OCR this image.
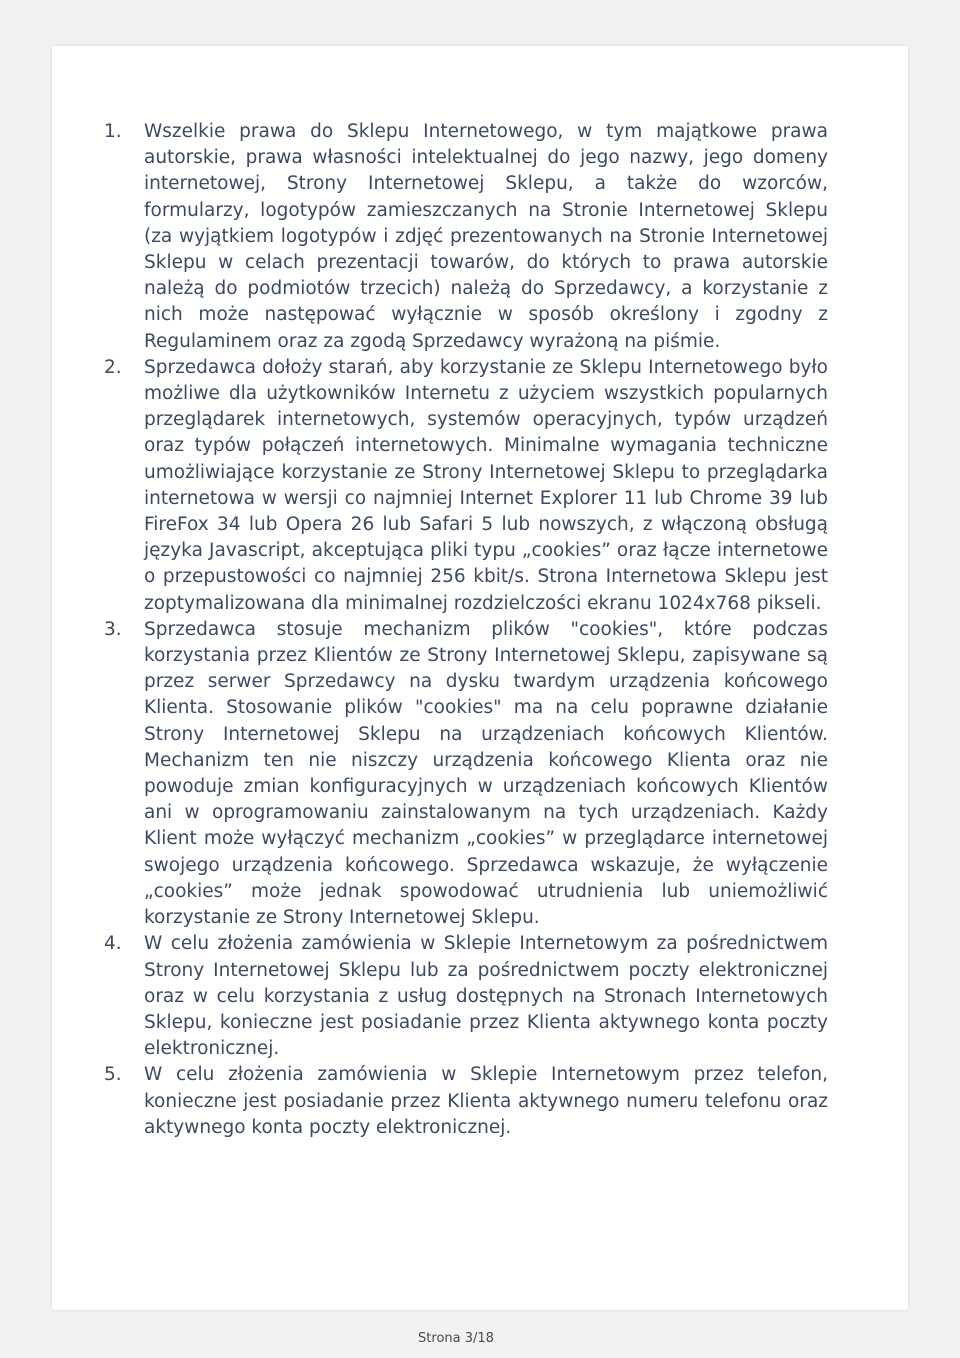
1.	Wszelkie prawa do Sklepu Internetowego, w tym majątkowe prawa autorskie, prawa własności intelektualnej do jego nazwy, jego domeny internetowej, Strony Internetowej Sklepu, a także do wzorców, formularzy, logotypów zamieszczanych na Stronie Internetowej Sklepu (za wyjątkiem logotypów i zdjęć prezentowanych na Stronie Internetowej Sklepu w celach prezentacji towarów, do których to prawa autorskie należą do podmiotów trzecich) należą do Sprzedawcy, a korzystanie z nich może następować wyłącznie w sposób określony i zgodny z Regulaminem oraz za zgodą Sprzedawcy wyrażoną na piśmie.
2.	Sprzedawca dołoży starań, aby korzystanie ze Sklepu Internetowego było możliwe dla użytkowników Internetu z użyciem wszystkich popularnych przeglądarek internetowych, systemów operacyjnych, typów urządzeń oraz typów połączeń internetowych. Minimalne wymagania techniczne umożliwiające korzystanie ze Strony Internetowej Sklepu to przeglądarka internetowa w wersji co najmniej Internet Explorer 11 lub Chrome 39 lub FireFox 34 lub Opera 26 lub Safari 5 lub nowszych, z włączoną obsługą języka Javascript, akceptująca pliki typu „cookies” oraz łącze internetowe o przepustowości co najmniej 256 kbit/s. Strona Internetowa Sklepu jest zoptymalizowana dla minimalnej rozdzielczości ekranu 1024x768 pikseli.
3.	Sprzedawca stosuje mechanizm plików "cookies", które podczas korzystania przez Klientów ze Strony Internetowej Sklepu, zapisywane są przez serwer Sprzedawcy na dysku twardym urządzenia końcowego Klienta. Stosowanie plików "cookies" ma na celu poprawne działanie Strony Internetowej Sklepu na urządzeniach końcowych Klientów. Mechanizm ten nie niszczy urządzenia końcowego Klienta oraz nie powoduje zmian konfiguracyjnych w urządzeniach końcowych Klientów ani w oprogramowaniu zainstalowanym na tych urządzeniach. Każdy Klient może wyłączyć mechanizm „cookies” w przeglądarce internetowej swojego urządzenia końcowego. Sprzedawca wskazuje, że wyłączenie „cookies” może jednak spowodować utrudnienia lub uniemożliwić korzystanie ze Strony Internetowej Sklepu.
4.	W celu złożenia zamówienia w Sklepie Internetowym za pośrednictwem Strony Internetowej Sklepu lub za pośrednictwem poczty elektronicznej oraz w celu korzystania z usług dostępnych na Stronach Internetowych Sklepu, konieczne jest posiadanie przez Klienta aktywnego konta poczty elektronicznej.
5.	W celu złożenia zamówienia w Sklepie Internetowym przez telefon, konieczne jest posiadanie przez Klienta aktywnego numeru telefonu oraz aktywnego konta poczty elektronicznej.
Strona 3/18
